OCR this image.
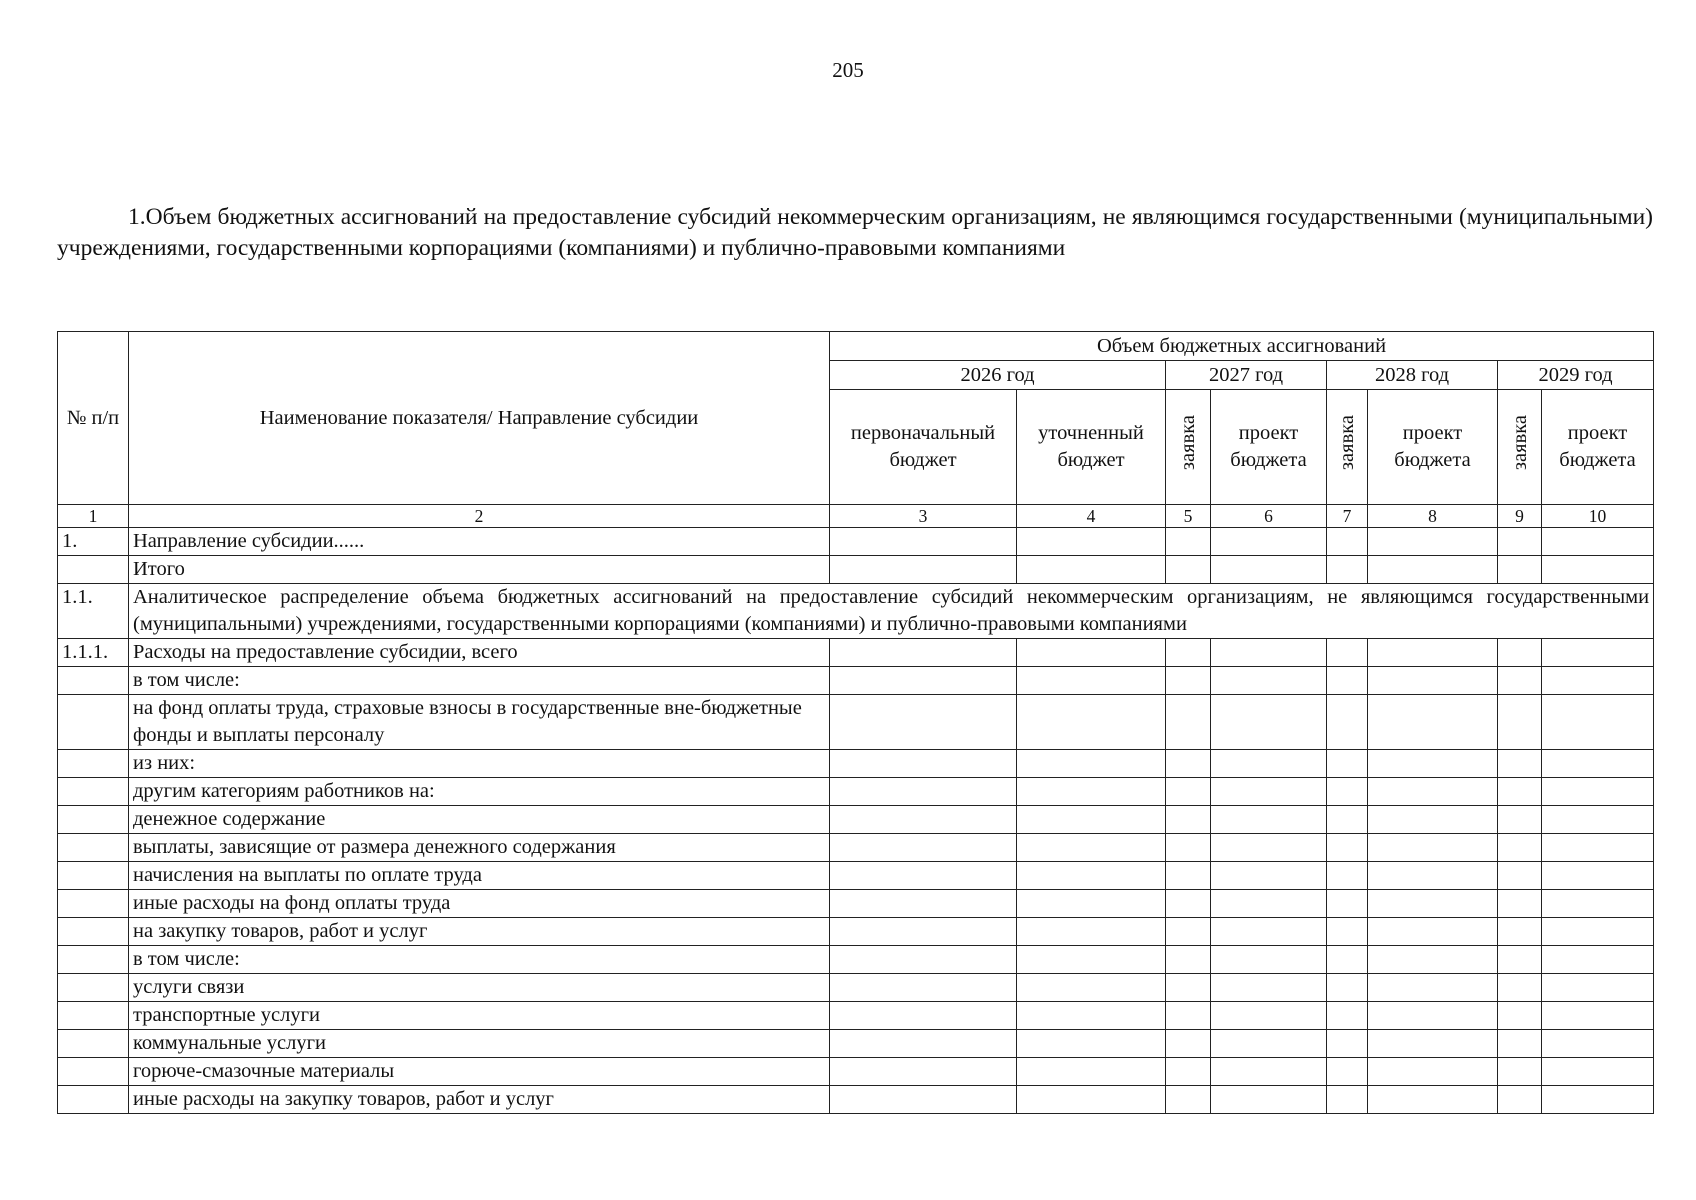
205
1.Объем бюджетных ассигнований на предоставление субсидий некоммерческим организациям, не являющимся государственными (муниципальными) учреждениями, государственными корпорациями (компаниями) и публично-правовыми компаниями
№ п/п	Наименование показателя/ Направление субсидии	Объем бюджетных ассигнований							
		2026 год		2027 год		2028 год		2029 год	
		первоначальный бюджет	уточненный бюджет	заявка	проект бюджета	заявка	проект бюджета	заявка	проект бюджета
1	2	3	4	5	6	7	8	9	10
1.	Направление субсидии......								
	Итого								
1.1.	Аналитическое распределение объема бюджетных ассигнований на предоставление субсидий некоммерческим организациям, не являющимся государственными (муниципальными) учреждениями, государственными корпорациями (компаниями) и публично-правовыми компаниями								
1.1.1.	Расходы на предоставление субсидии, всего								
	в том числе:								
	на фонд оплаты труда, страховые взносы в государственные вне-бюджетные фонды и выплаты персоналу								
	из них:								
	другим категориям работников на:								
	денежное содержание								
	выплаты, зависящие от размера денежного содержания								
	начисления на выплаты по оплате труда								
	иные расходы на фонд оплаты труда								
	на закупку товаров, работ и услуг								
	в том числе:								
	услуги связи								
	транспортные услуги								
	коммунальные услуги								
	горюче-смазочные материалы								
	иные расходы на закупку товаров, работ и услуг								
